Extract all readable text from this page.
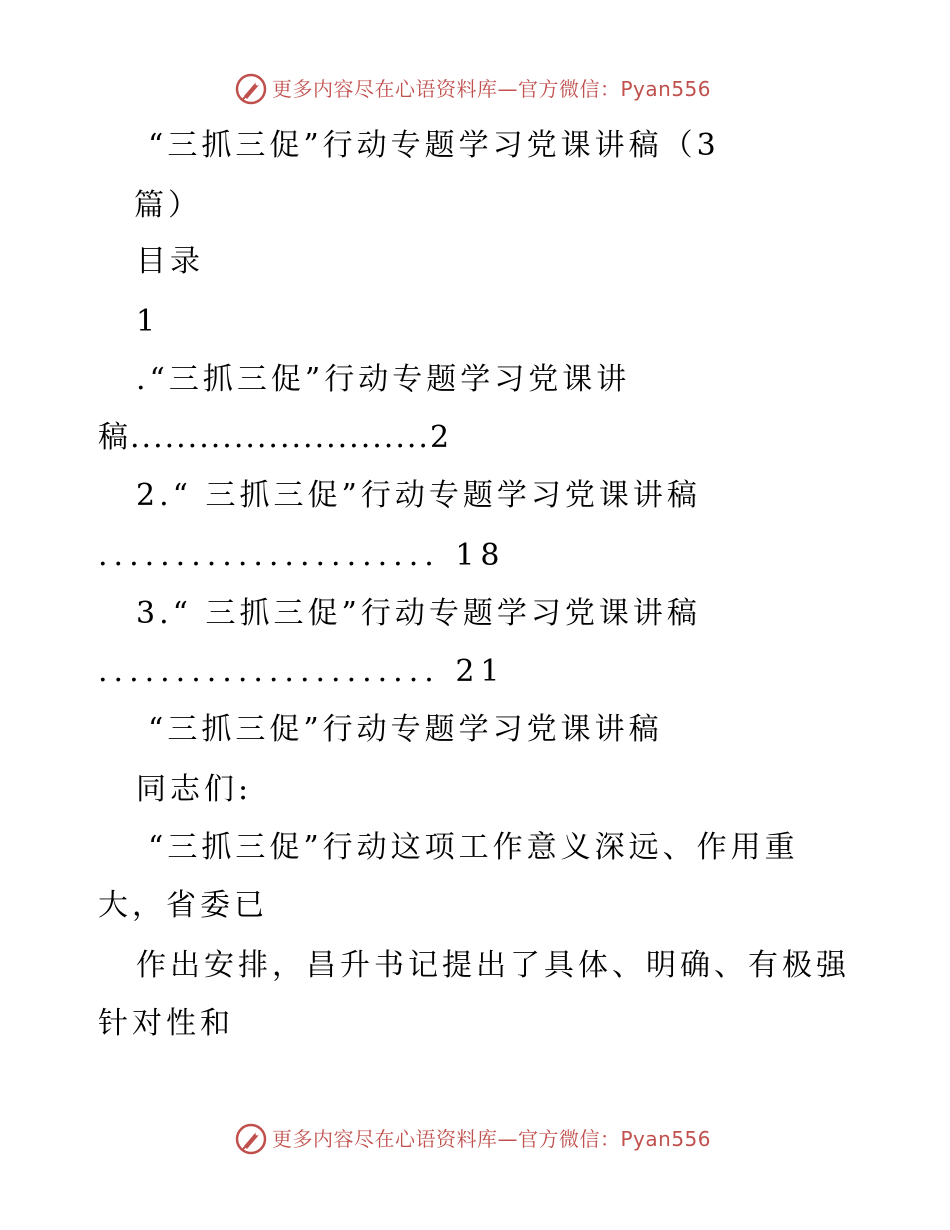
更多内容尽在心语资料库—官方微信：Pyan556
“三抓三促”行动专题学习党课讲稿（3
篇）
目录
1
.“三抓三促”行动专题学习党课讲
稿..........................2
2.“ 三抓三促”行动专题学习党课讲稿
...................... 18
3.“ 三抓三促”行动专题学习党课讲稿
...................... 21
“三抓三促”行动专题学习党课讲稿
同志们:
“三抓三促”行动这项工作意义深远、作用重
大，省委已
作出安排，昌升书记提出了具体、明确、有极强
针对性和
更多内容尽在心语资料库—官方微信：Pyan556
